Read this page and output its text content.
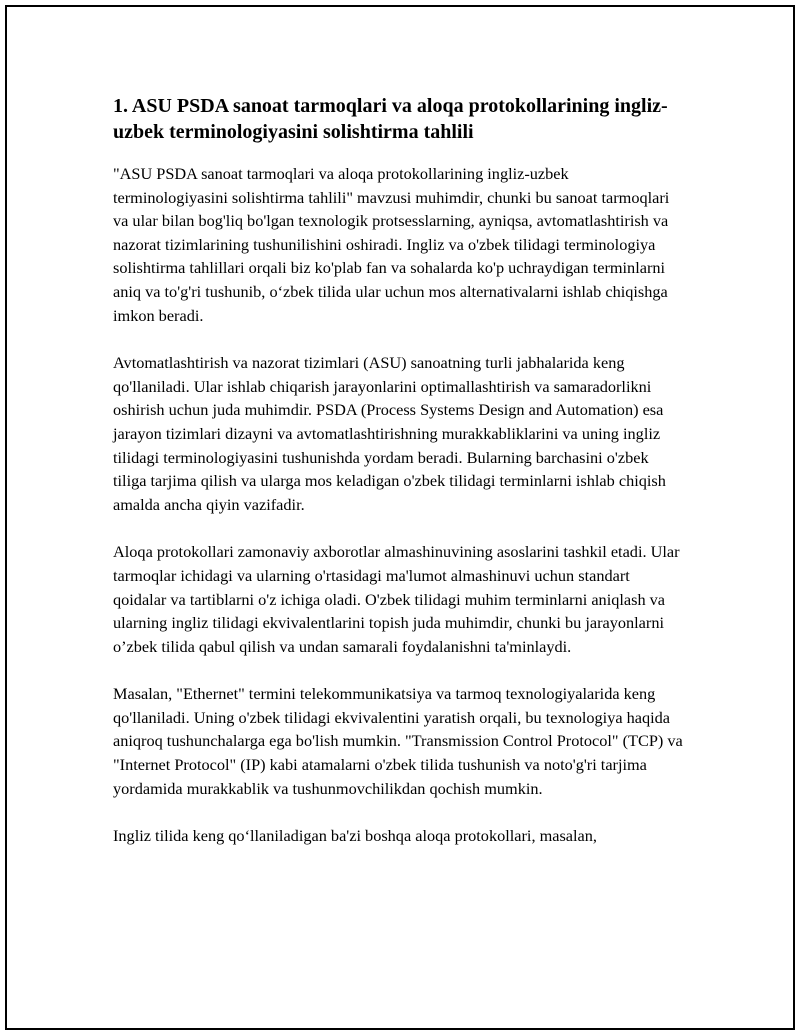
1. ASU PSDA sanoat tarmoqlari va aloqa protokollarining ingliz-uzbek terminologiyasini solishtirma tahlili

"ASU PSDA sanoat tarmoqlari va aloqa protokollarining ingliz-uzbek terminologiyasini solishtirma tahlili" mavzusi muhimdir, chunki bu sanoat tarmoqlari va ular bilan bog'liq bo'lgan texnologik protsesslarning, ayniqsa, avtomatlashtirish va nazorat tizimlarining tushunilishini oshiradi. Ingliz va o'zbek tilidagi terminologiya solishtirma tahlillari orqali biz ko'plab fan va sohalarda ko'p uchraydigan terminlarni aniq va to'g'ri tushunib, o‘zbek tilida ular uchun mos alternativalarni ishlab chiqishga imkon beradi.

Avtomatlashtirish va nazorat tizimlari (ASU) sanoatning turli jabhalarida keng qo'llaniladi. Ular ishlab chiqarish jarayonlarini optimallashtirish va samaradorlikni oshirish uchun juda muhimdir. PSDA (Process Systems Design and Automation) esa jarayon tizimlari dizayni va avtomatlashtirishning murakkabliklarini va uning ingliz tilidagi terminologiyasini tushunishda yordam beradi. Bularning barchasini o'zbek tiliga tarjima qilish va ularga mos keladigan o'zbek tilidagi terminlarni ishlab chiqish amalda ancha qiyin vazifadir.

Aloqa protokollari zamonaviy axborotlar almashinuvining asoslarini tashkil etadi. Ular tarmoqlar ichidagi va ularning o'rtasidagi ma'lumot almashinuvi uchun standart qoidalar va tartiblarni o'z ichiga oladi. O'zbek tilidagi muhim terminlarni aniqlash va ularning ingliz tilidagi ekvivalentlarini topish juda muhimdir, chunki bu jarayonlarni o’zbek tilida qabul qilish va undan samarali foydalanishni ta'minlaydi.

Masalan, "Ethernet" termini telekommunikatsiya va tarmoq texnologiyalarida keng qo'llaniladi. Uning o'zbek tilidagi ekvivalentini yaratish orqali, bu texnologiya haqida aniqroq tushunchalarga ega bo'lish mumkin. "Transmission Control Protocol" (TCP) va "Internet Protocol" (IP) kabi atamalarni o'zbek tilida tushunish va noto'g'ri tarjima yordamida murakkablik va tushunmovchilikdan qochish mumkin.

Ingliz tilida keng qo‘llaniladigan ba'zi boshqa aloqa protokollari, masalan,
